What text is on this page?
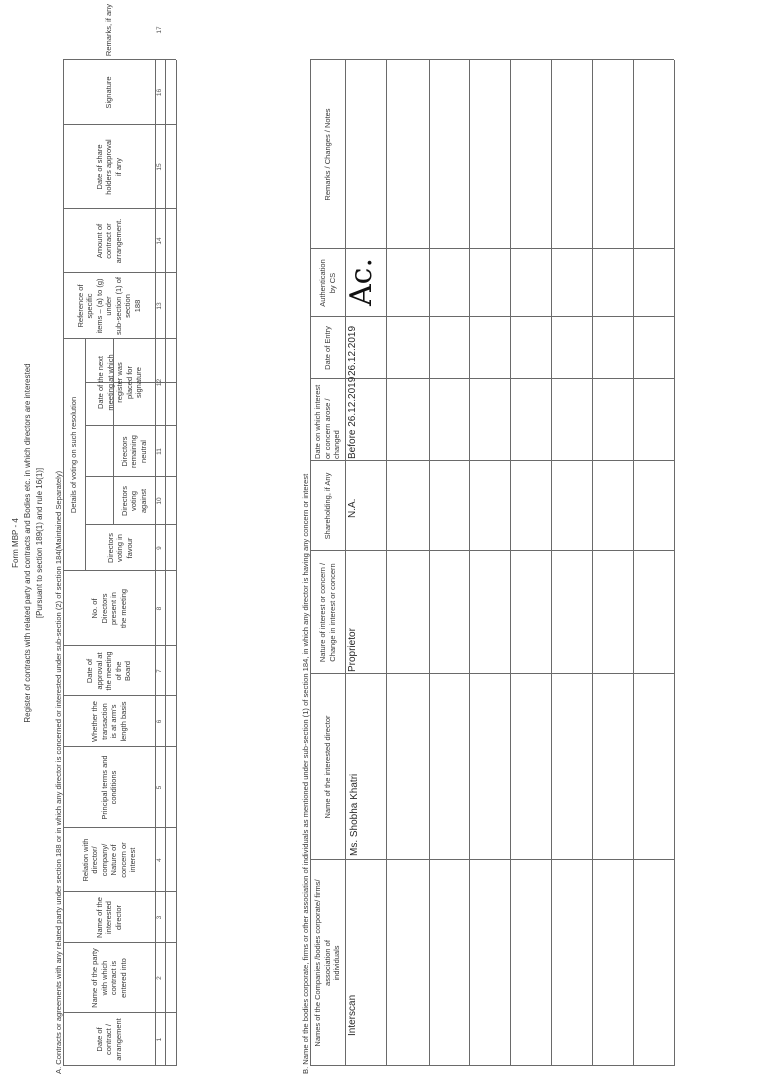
Form MBP - 4 Register of contracts with related party and contracts and Bodies etc. in which directors are interested [Pursuant to section 189(1) and rule 16(1)] A. Contracts or agreements with any related party under section 188 or in which any director is concerned or interested under sub-section (2) of section 184(Maintained Separately)	Date of
contract /
arrangement
Name of the party
with which
contract is
entered into
Name of the
interested
director
Relation with
director/
company/
Nature of
concern or
interest
Principal terms and
conditions
Whether the
transaction
is at arm's
length basis
Date of
approval at
the meeting
of the
Board
No. of
Directors
present in
the meeting
Details of voting on such resolution
Directors
voting in
favour
Directors
voting
against
Directors
remaining
neutral
Date of the next
meeting at which
register was
placed for
signature
Reference of
specific
items – (a) to (g)
under
sub-section (1) of
section
188
Amount of
contract or
arrangement.
Date of share
holders approval
if any
Signature
Remarks, if any
1
2
3
4
5
6
7
8
9
10
11
12
13
14
15
16
17
B. Name of the bodies corporate, firms or other association of individuals as mentioned under sub-section (1) of section 184, in which any director is having any concern or interest Names of the Companies /bodies corporate/ firms/ association of
individuals
Name of the interested director
Nature of interest or concern /
Change in interest or concern
Shareholding, if Any
Date on which interest
or concern arose /
changed
Date of Entry
Authentication
by CS
Remarks / Changes / Notes
Interscan
Ms. Shobha Khatri
Proprietor
N.A.
Before 26.12.2019
26.12.2019
Ac.
